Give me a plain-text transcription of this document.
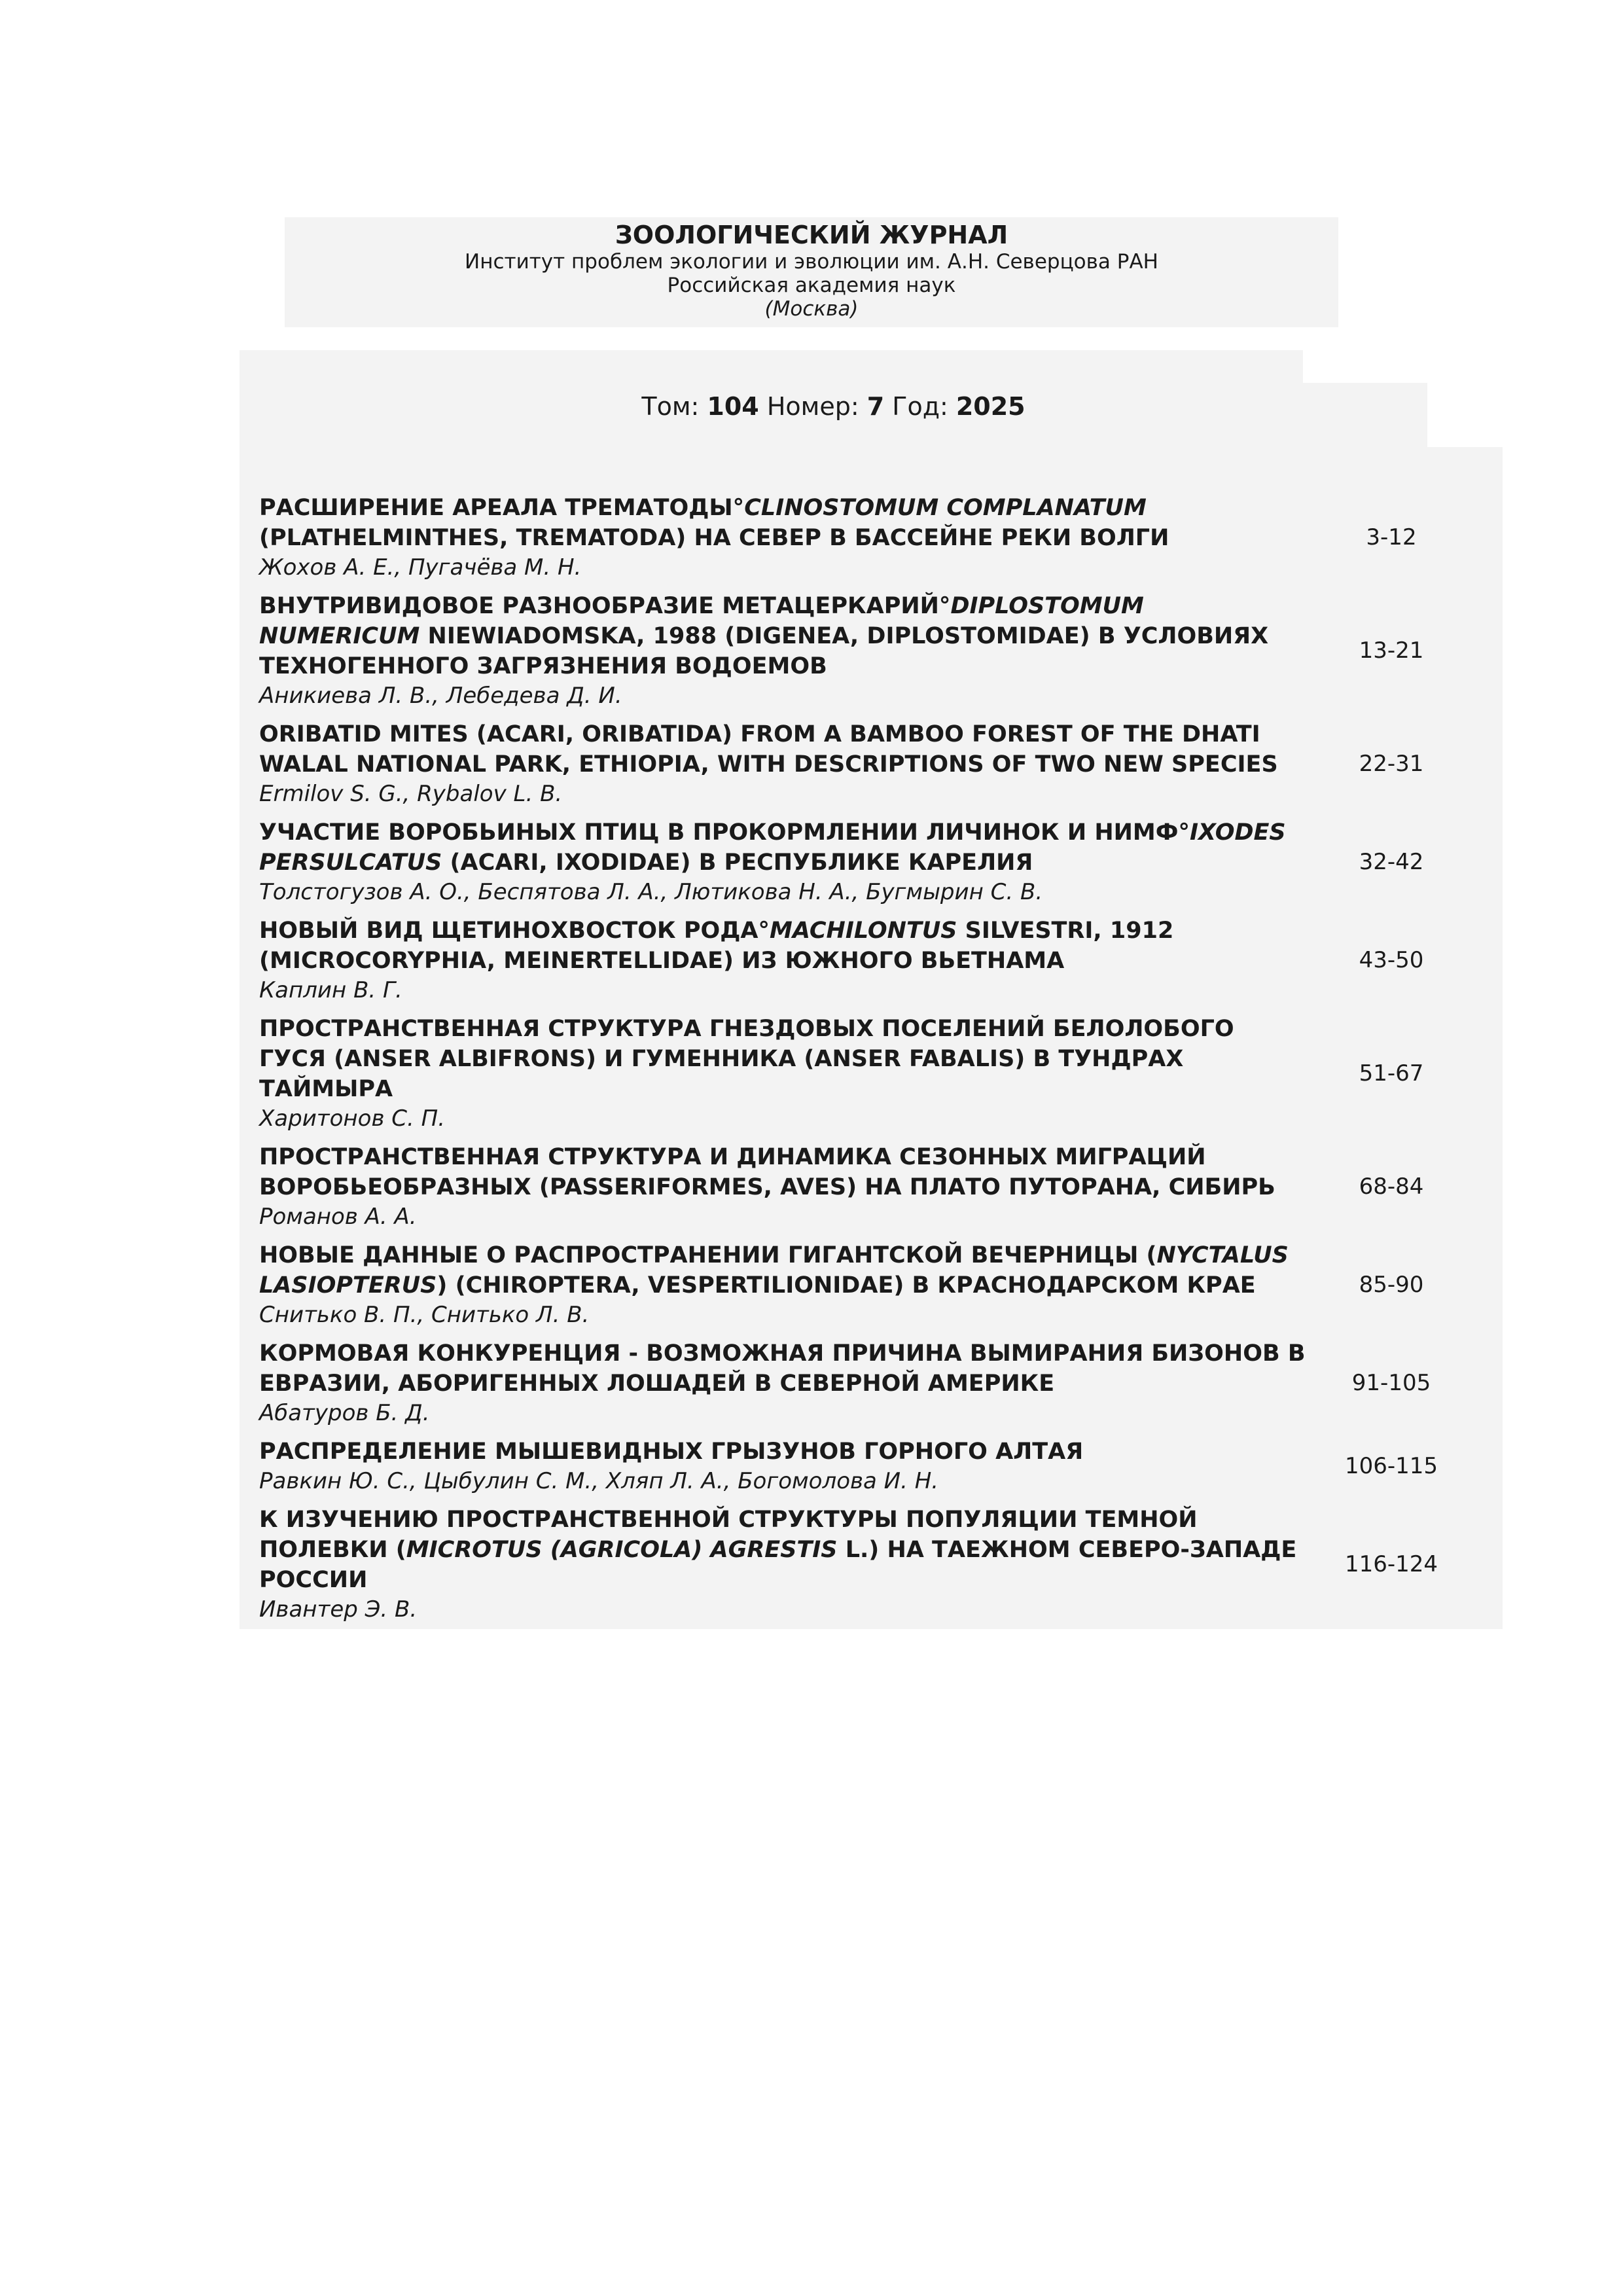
ЗООЛОГИЧЕСКИЙ ЖУРНАЛ
Институт проблем экологии и эволюции им. А.Н. Северцова РАН
Российская академия наук
(Москва)
Том: 104 Номер: 7 Год: 2025
РАСШИРЕНИЕ АРЕАЛА ТРЕМАТОДЫ°CLINOSTOMUM COMPLANATUM (PLATHELMINTHES, TREMATODA) НА СЕВЕР В БАССЕЙНЕ РЕКИ ВОЛГИ
Жохов А. Е., Пугачёва М. Н.	3-12

ВНУТРИВИДОВОЕ РАЗНООБРАЗИЕ МЕТАЦЕРКАРИЙ°DIPLOSTOMUM NUMERICUM NIEWIADOMSKA, 1988 (DIGENEA, DIPLOSTOMIDAE) В УСЛОВИЯХ ТЕХНОГЕННОГО ЗАГРЯЗНЕНИЯ ВОДОЕМОВ
Аникиева Л. В., Лебедева Д. И.	13-21

ORIBATID MITES (ACARI, ORIBATIDA) FROM A BAMBOO FOREST OF THE DHATI WALAL NATIONAL PARK, ETHIOPIA, WITH DESCRIPTIONS OF TWO NEW SPECIES
Ermilov S. G., Rybalov L. B.	22-31

УЧАСТИЕ ВОРОБЬИНЫХ ПТИЦ В ПРОКОРМЛЕНИИ ЛИЧИНОК И НИМФ°IXODES PERSULCATUS (ACARI, IXODIDAE) В РЕСПУБЛИКЕ КАРЕЛИЯ
Толстогузов А. О., Беспятова Л. А., Лютикова Н. А., Бугмырин С. В.	32-42

НОВЫЙ ВИД ЩЕТИНОХВОСТОК РОДА°MACHILONTUS SILVESTRI, 1912 (MICROCORYPHIA, MEINERTELLIDAE) ИЗ ЮЖНОГО ВЬЕТНАМА
Каплин В. Г.	43-50

ПРОСТРАНСТВЕННАЯ СТРУКТУРА ГНЕЗДОВЫХ ПОСЕЛЕНИЙ БЕЛОЛОБОГО ГУСЯ (ANSER ALBIFRONS) И ГУМЕННИКА (ANSER FABALIS) В ТУНДРАХ ТАЙМЫРА
Харитонов С. П.	51-67

ПРОСТРАНСТВЕННАЯ СТРУКТУРА И ДИНАМИКА СЕЗОННЫХ МИГРАЦИЙ ВОРОБЬЕОБРАЗНЫХ (PASSERIFORMES, AVES) НА ПЛАТО ПУТОРАНА, СИБИРЬ
Романов А. А.	68-84

НОВЫЕ ДАННЫЕ О РАСПРОСТРАНЕНИИ ГИГАНТСКОЙ ВЕЧЕРНИЦЫ (NYCTALUS LASIOPTERUS) (CHIROPTERA, VESPERTILIONIDAE) В КРАСНОДАРСКОМ КРАЕ
Снитько В. П., Снитько Л. В.	85-90

КОРМОВАЯ КОНКУРЕНЦИЯ - ВОЗМОЖНАЯ ПРИЧИНА ВЫМИРАНИЯ БИЗОНОВ В ЕВРАЗИИ, АБОРИГЕННЫХ ЛОШАДЕЙ В СЕВЕРНОЙ АМЕРИКЕ
Абатуров Б. Д.	91-105

РАСПРЕДЕЛЕНИЕ МЫШЕВИДНЫХ ГРЫЗУНОВ ГОРНОГО АЛТАЯ
Равкин Ю. С., Цыбулин С. М., Хляп Л. А., Богомолова И. Н.	106-115

К ИЗУЧЕНИЮ ПРОСТРАНСТВЕННОЙ СТРУКТУРЫ ПОПУЛЯЦИИ ТЕМНОЙ ПОЛЕВКИ (MICROTUS (AGRICOLA) AGRESTIS L.) НА ТАЕЖНОМ СЕВЕРО-ЗАПАДЕ РОССИИ
Ивантер Э. В.	116-124
